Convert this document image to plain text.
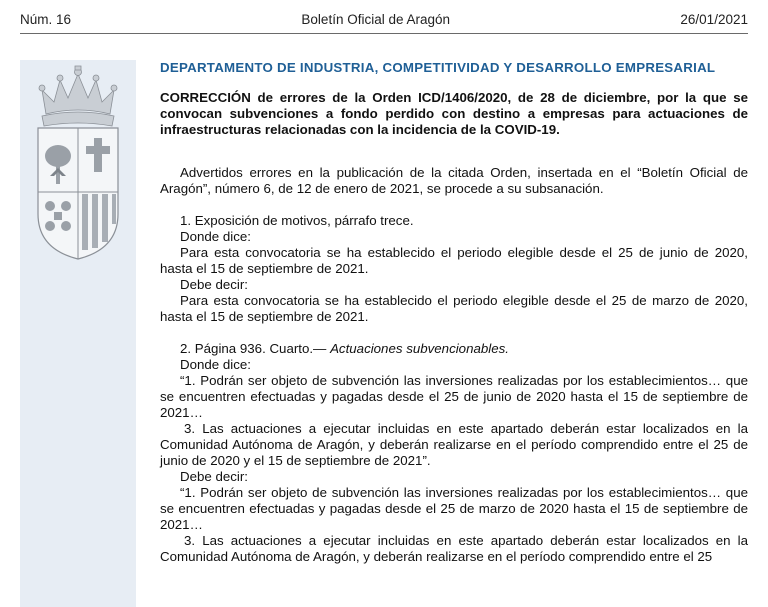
Núm. 16	Boletín Oficial de Aragón	26/01/2021
DEPARTAMENTO DE INDUSTRIA, COMPETITIVIDAD Y DESARROLLO EMPRESARIAL

CORRECCIÓN de errores de la Orden ICD/1406/2020, de 28 de diciembre, por la que se convocan subvenciones a fondo perdido con destino a empresas para actuaciones de infraestructuras relacionadas con la incidencia de la COVID-19.

Advertidos errores en la publicación de la citada Orden, insertada en el “Boletín Oficial de Aragón”, número 6, de 12 de enero de 2021, se procede a su subsanación.

1. Exposición de motivos, párrafo trece.

Donde dice:

Para esta convocatoria se ha establecido el periodo elegible desde el 25 de junio de 2020, hasta el 15 de septiembre de 2021.

Debe decir:

Para esta convocatoria se ha establecido el periodo elegible desde el 25 de marzo de 2020, hasta el 15 de septiembre de 2021.

2. Página 936. Cuarto.— Actuaciones subvencionables.

Donde dice:

“1. Podrán ser objeto de subvención las inversiones realizadas por los establecimientos… que se encuentren efectuadas y pagadas desde el 25 de junio de 2020 hasta el 15 de septiembre de 2021…

3. Las actuaciones a ejecutar incluidas en este apartado deberán estar localizados en la Comunidad Autónoma de Aragón, y deberán realizarse en el período comprendido entre el 25 de junio de 2020 y el 15 de septiembre de 2021”.

Debe decir:

“1. Podrán ser objeto de subvención las inversiones realizadas por los establecimientos… que se encuentren efectuadas y pagadas desde el 25 de marzo de 2020 hasta el 15 de septiembre de 2021…

3. Las actuaciones a ejecutar incluidas en este apartado deberán estar localizados en la Comunidad Autónoma de Aragón, y deberán realizarse en el período comprendido entre el 25
